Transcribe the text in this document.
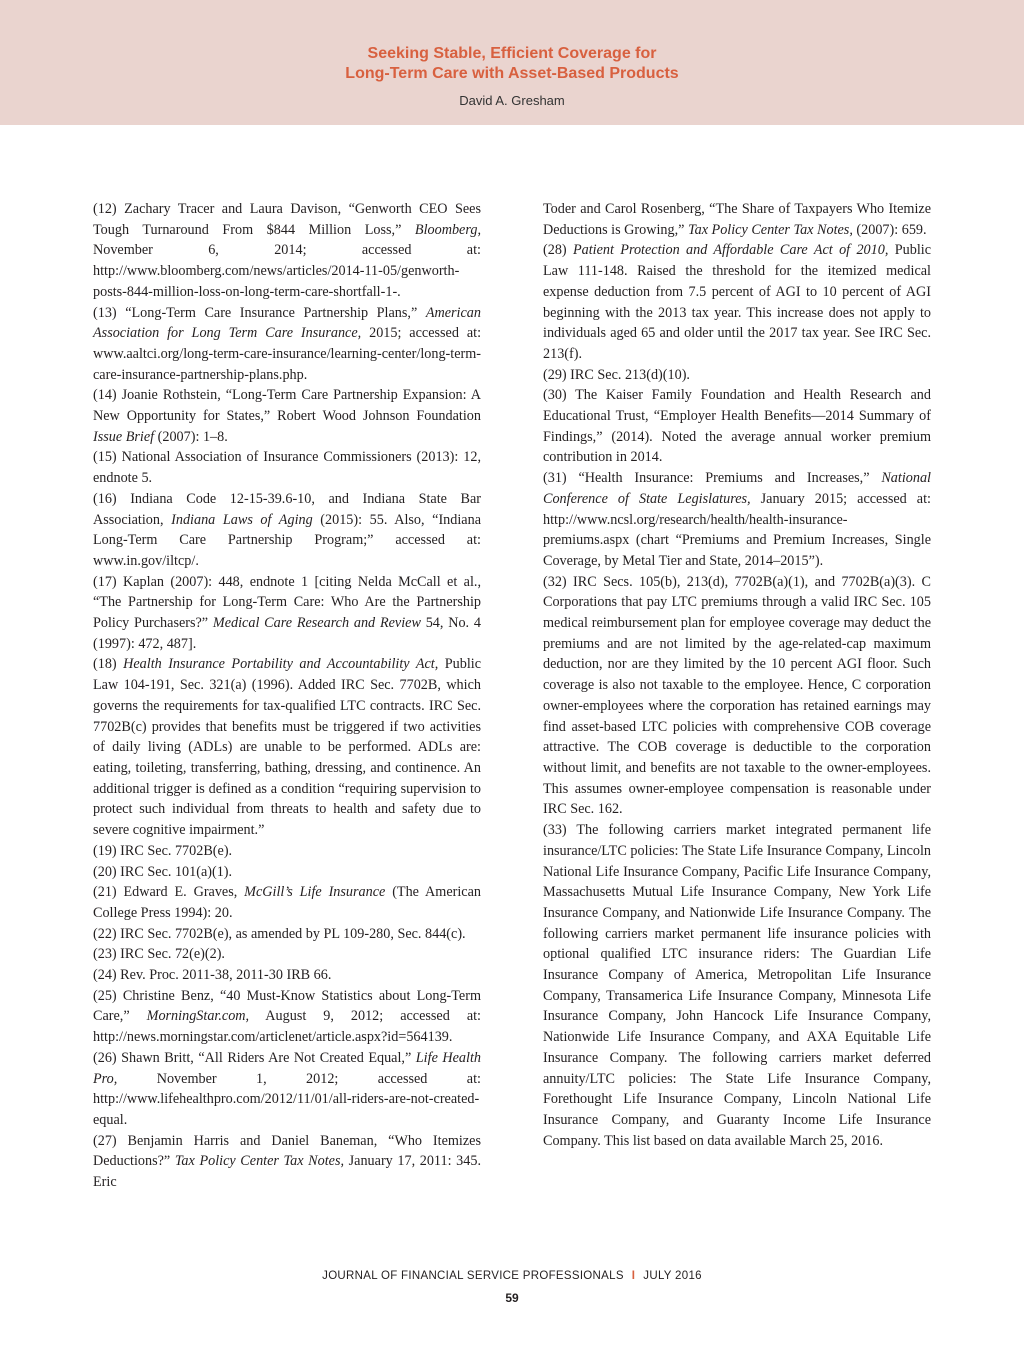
Seeking Stable, Efficient Coverage for
Long-Term Care with Asset-Based Products
David A. Gresham

(12) Zachary Tracer and Laura Davison, “Genworth CEO Sees Tough Turnaround From $844 Million Loss,” Bloomberg, November 6, 2014; accessed at: http://www.bloomberg.com/news/articles/2014-11-05/genworth-posts-844-million-loss-on-long-term-care-shortfall-1-.

(13) “Long-Term Care Insurance Partnership Plans,” American Association for Long Term Care Insurance, 2015; accessed at: www.aaltci.org/long-term-care-insurance/learning-center/long-term-care-insurance-partnership-plans.php.

(14) Joanie Rothstein, “Long-Term Care Partnership Expansion: A New Opportunity for States,” Robert Wood Johnson Foundation Issue Brief (2007): 1–8.

(15) National Association of Insurance Commissioners (2013): 12, endnote 5.

(16) Indiana Code 12-15-39.6-10, and Indiana State Bar Association, Indiana Laws of Aging (2015): 55. Also, “Indiana Long-Term Care Partnership Program;” accessed at: www.in.gov/iltcp/.

(17) Kaplan (2007): 448, endnote 1 [citing Nelda McCall et al., “The Partnership for Long-Term Care: Who Are the Partnership Policy Purchasers?” Medical Care Research and Review 54, No. 4 (1997): 472, 487].

(18) Health Insurance Portability and Accountability Act, Public Law 104-191, Sec. 321(a) (1996). Added IRC Sec. 7702B, which governs the requirements for tax-qualified LTC contracts. IRC Sec. 7702B(c) provides that benefits must be triggered if two activities of daily living (ADLs) are unable to be performed. ADLs are: eating, toileting, transferring, bathing, dressing, and continence. An additional trigger is defined as a condition “requiring supervision to protect such individual from threats to health and safety due to severe cognitive impairment.”

(19) IRC Sec. 7702B(e).

(20) IRC Sec. 101(a)(1).

(21) Edward E. Graves, McGill’s Life Insurance (The American College Press 1994): 20.

(22) IRC Sec. 7702B(e), as amended by PL 109-280, Sec. 844(c).

(23) IRC Sec. 72(e)(2).

(24) Rev. Proc. 2011-38, 2011-30 IRB 66.

(25) Christine Benz, “40 Must-Know Statistics about Long-Term Care,” MorningStar.com, August 9, 2012; accessed at: http://news.morningstar.com/articlenet/article.aspx?id=564139.

(26) Shawn Britt, “All Riders Are Not Created Equal,” Life Health Pro, November 1, 2012; accessed at: http://www.lifehealthpro.com/2012/11/01/all-riders-are-not-created-equal.

(27) Benjamin Harris and Daniel Baneman, “Who Itemizes Deductions?” Tax Policy Center Tax Notes, January 17, 2011: 345. Eric

Toder and Carol Rosenberg, “The Share of Taxpayers Who Itemize Deductions is Growing,” Tax Policy Center Tax Notes, (2007): 659.

(28) Patient Protection and Affordable Care Act of 2010, Public Law 111-148. Raised the threshold for the itemized medical expense deduction from 7.5 percent of AGI to 10 percent of AGI beginning with the 2013 tax year. This increase does not apply to individuals aged 65 and older until the 2017 tax year. See IRC Sec. 213(f).

(29) IRC Sec. 213(d)(10).

(30) The Kaiser Family Foundation and Health Research and Educational Trust, “Employer Health Benefits—2014 Summary of Findings,” (2014). Noted the average annual worker premium contribution in 2014.

(31) “Health Insurance: Premiums and Increases,” National Conference of State Legislatures, January 2015; accessed at: http://www.ncsl.org/research/health/health-insurance-premiums.aspx (chart “Premiums and Premium Increases, Single Coverage, by Metal Tier and State, 2014–2015”).

(32) IRC Secs. 105(b), 213(d), 7702B(a)(1), and 7702B(a)(3). C Corporations that pay LTC premiums through a valid IRC Sec. 105 medical reimbursement plan for employee coverage may deduct the premiums and are not limited by the age-related-cap maximum deduction, nor are they limited by the 10 percent AGI floor. Such coverage is also not taxable to the employee. Hence, C corporation owner-employees where the corporation has retained earnings may find asset-based LTC policies with comprehensive COB coverage attractive. The COB coverage is deductible to the corporation without limit, and benefits are not taxable to the owner-employees. This assumes owner-employee compensation is reasonable under IRC Sec. 162.

(33) The following carriers market integrated permanent life insurance/LTC policies: The State Life Insurance Company, Lincoln National Life Insurance Company, Pacific Life Insurance Company, Massachusetts Mutual Life Insurance Company, New York Life Insurance Company, and Nationwide Life Insurance Company. The following carriers market permanent life insurance policies with optional qualified LTC insurance riders: The Guardian Life Insurance Company of America, Metropolitan Life Insurance Company, Transamerica Life Insurance Company, Minnesota Life Insurance Company, John Hancock Life Insurance Company, Nationwide Life Insurance Company, and AXA Equitable Life Insurance Company. The following carriers market deferred annuity/LTC policies: The State Life Insurance Company, Forethought Life Insurance Company, Lincoln National Life Insurance Company, and Guaranty Income Life Insurance Company. This list based on data available March 25, 2016.

JOURNAL OF FINANCIAL SERVICE PROFESSIONALS I JULY 2016
59
